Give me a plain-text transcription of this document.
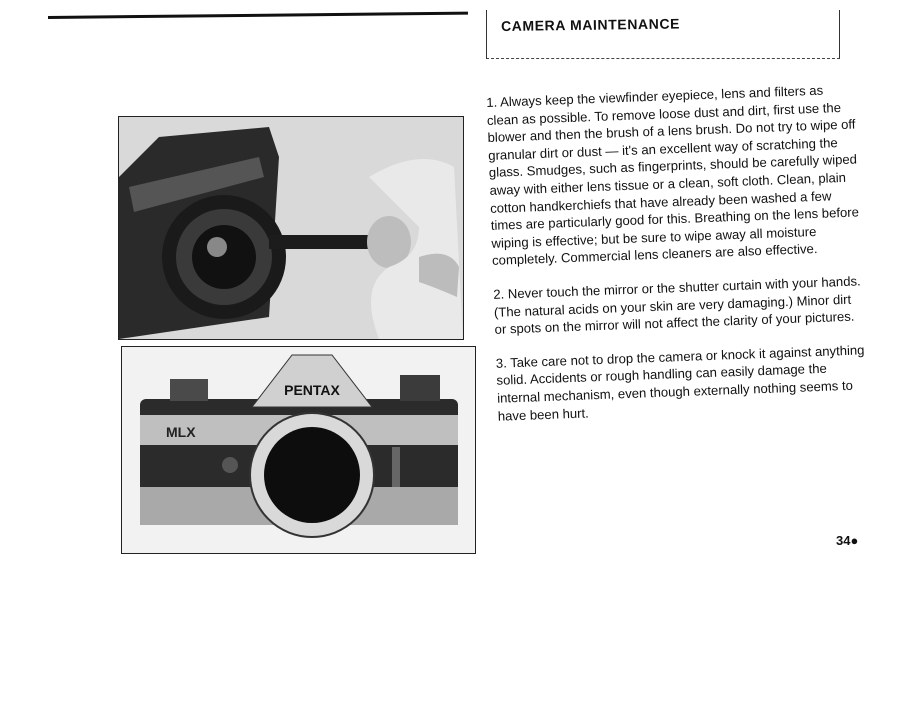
CAMERA MAINTENANCE
PENTAX
MLX

1. Always keep the viewfinder eyepiece, lens and filters as clean as possible. To remove loose dust and dirt, first use the blower and then the brush of a lens brush. Do not try to wipe off granular dirt or dust — it's an excellent way of scratching the glass. Smudges, such as fingerprints, should be carefully wiped away with either lens tissue or a clean, soft cloth. Clean, plain cotton handkerchiefs that have already been washed a few times are particularly good for this. Breathing on the lens before wiping is effective; but be sure to wipe away all moisture completely. Commercial lens cleaners are also effective.

2. Never touch the mirror or the shutter curtain with your hands. (The natural acids on your skin are very damaging.) Minor dirt or spots on the mirror will not affect the clarity of your pictures.

3. Take care not to drop the camera or knock it against anything solid. Accidents or rough handling can easily damage the internal mechanism, even though externally nothing seems to have been hurt.

34●
